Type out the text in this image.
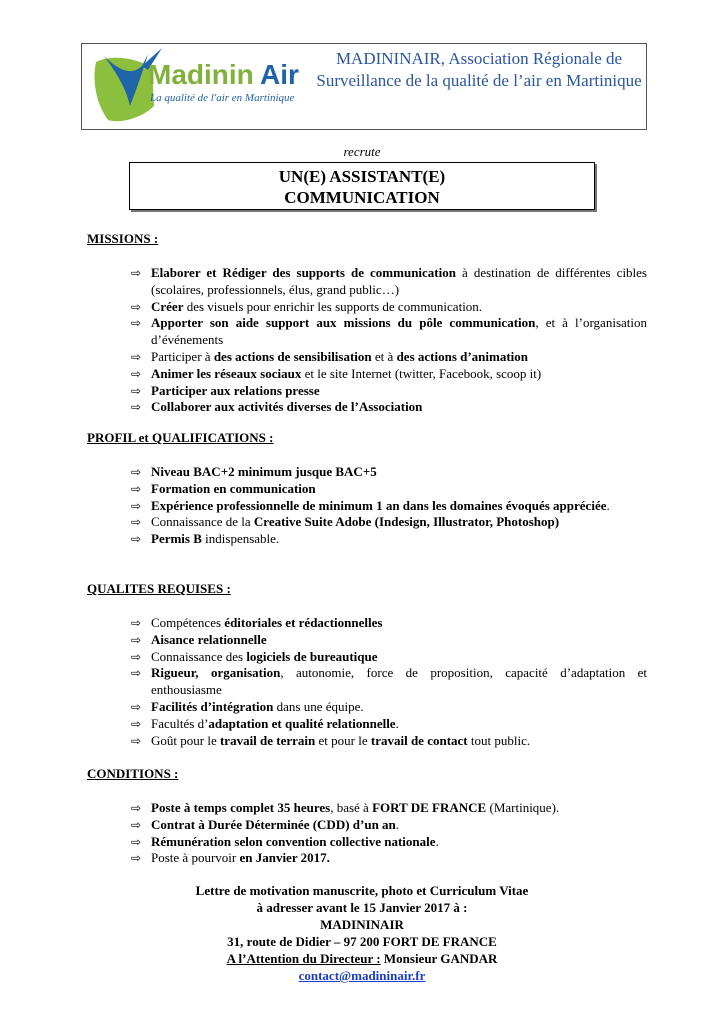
Madinin Air
La qualité de l'air en Martinique
MADININAIR, Association Régionale de Surveillance de la qualité de l’air en Martinique
recrute
UN(E) ASSISTANT(E)
COMMUNICATION
MISSIONS :
⇨ Elaborer et Rédiger des supports de communication à destination de différentes cibles (scolaires, professionnels, élus, grand public…)
⇨ Créer des visuels pour enrichir les supports de communication.
⇨ Apporter son aide support aux missions du pôle communication, et à l’organisation d’événements
⇨ Participer à des actions de sensibilisation et à des actions d’animation
⇨ Animer les réseaux sociaux et le site Internet (twitter, Facebook, scoop it)
⇨ Participer aux relations presse
⇨ Collaborer aux activités diverses de l’Association
PROFIL et QUALIFICATIONS :
⇨ Niveau BAC+2 minimum jusque BAC+5
⇨ Formation en communication
⇨ Expérience professionnelle de minimum 1 an dans les domaines évoqués appréciée.
⇨ Connaissance de la Creative Suite Adobe (Indesign, Illustrator, Photoshop)
⇨ Permis B indispensable.
QUALITES REQUISES :
⇨ Compétences éditoriales et rédactionnelles
⇨ Aisance relationnelle
⇨ Connaissance des logiciels de bureautique
⇨ Rigueur, organisation, autonomie, force de proposition, capacité d’adaptation et enthousiasme
⇨ Facilités d’intégration dans une équipe.
⇨ Facultés d’adaptation et qualité relationnelle.
⇨ Goût pour le travail de terrain et pour le travail de contact tout public.
CONDITIONS :
⇨ Poste à temps complet 35 heures, basé à FORT DE FRANCE (Martinique).
⇨ Contrat à Durée Déterminée (CDD) d’un an.
⇨ Rémunération selon convention collective nationale.
⇨ Poste à pourvoir en Janvier 2017.
Lettre de motivation manuscrite, photo et Curriculum Vitae
à adresser avant le 15 Janvier 2017 à :
MADININAIR
31, route de Didier – 97 200 FORT DE FRANCE
A l’Attention du Directeur : Monsieur GANDAR
contact@madininair.fr
